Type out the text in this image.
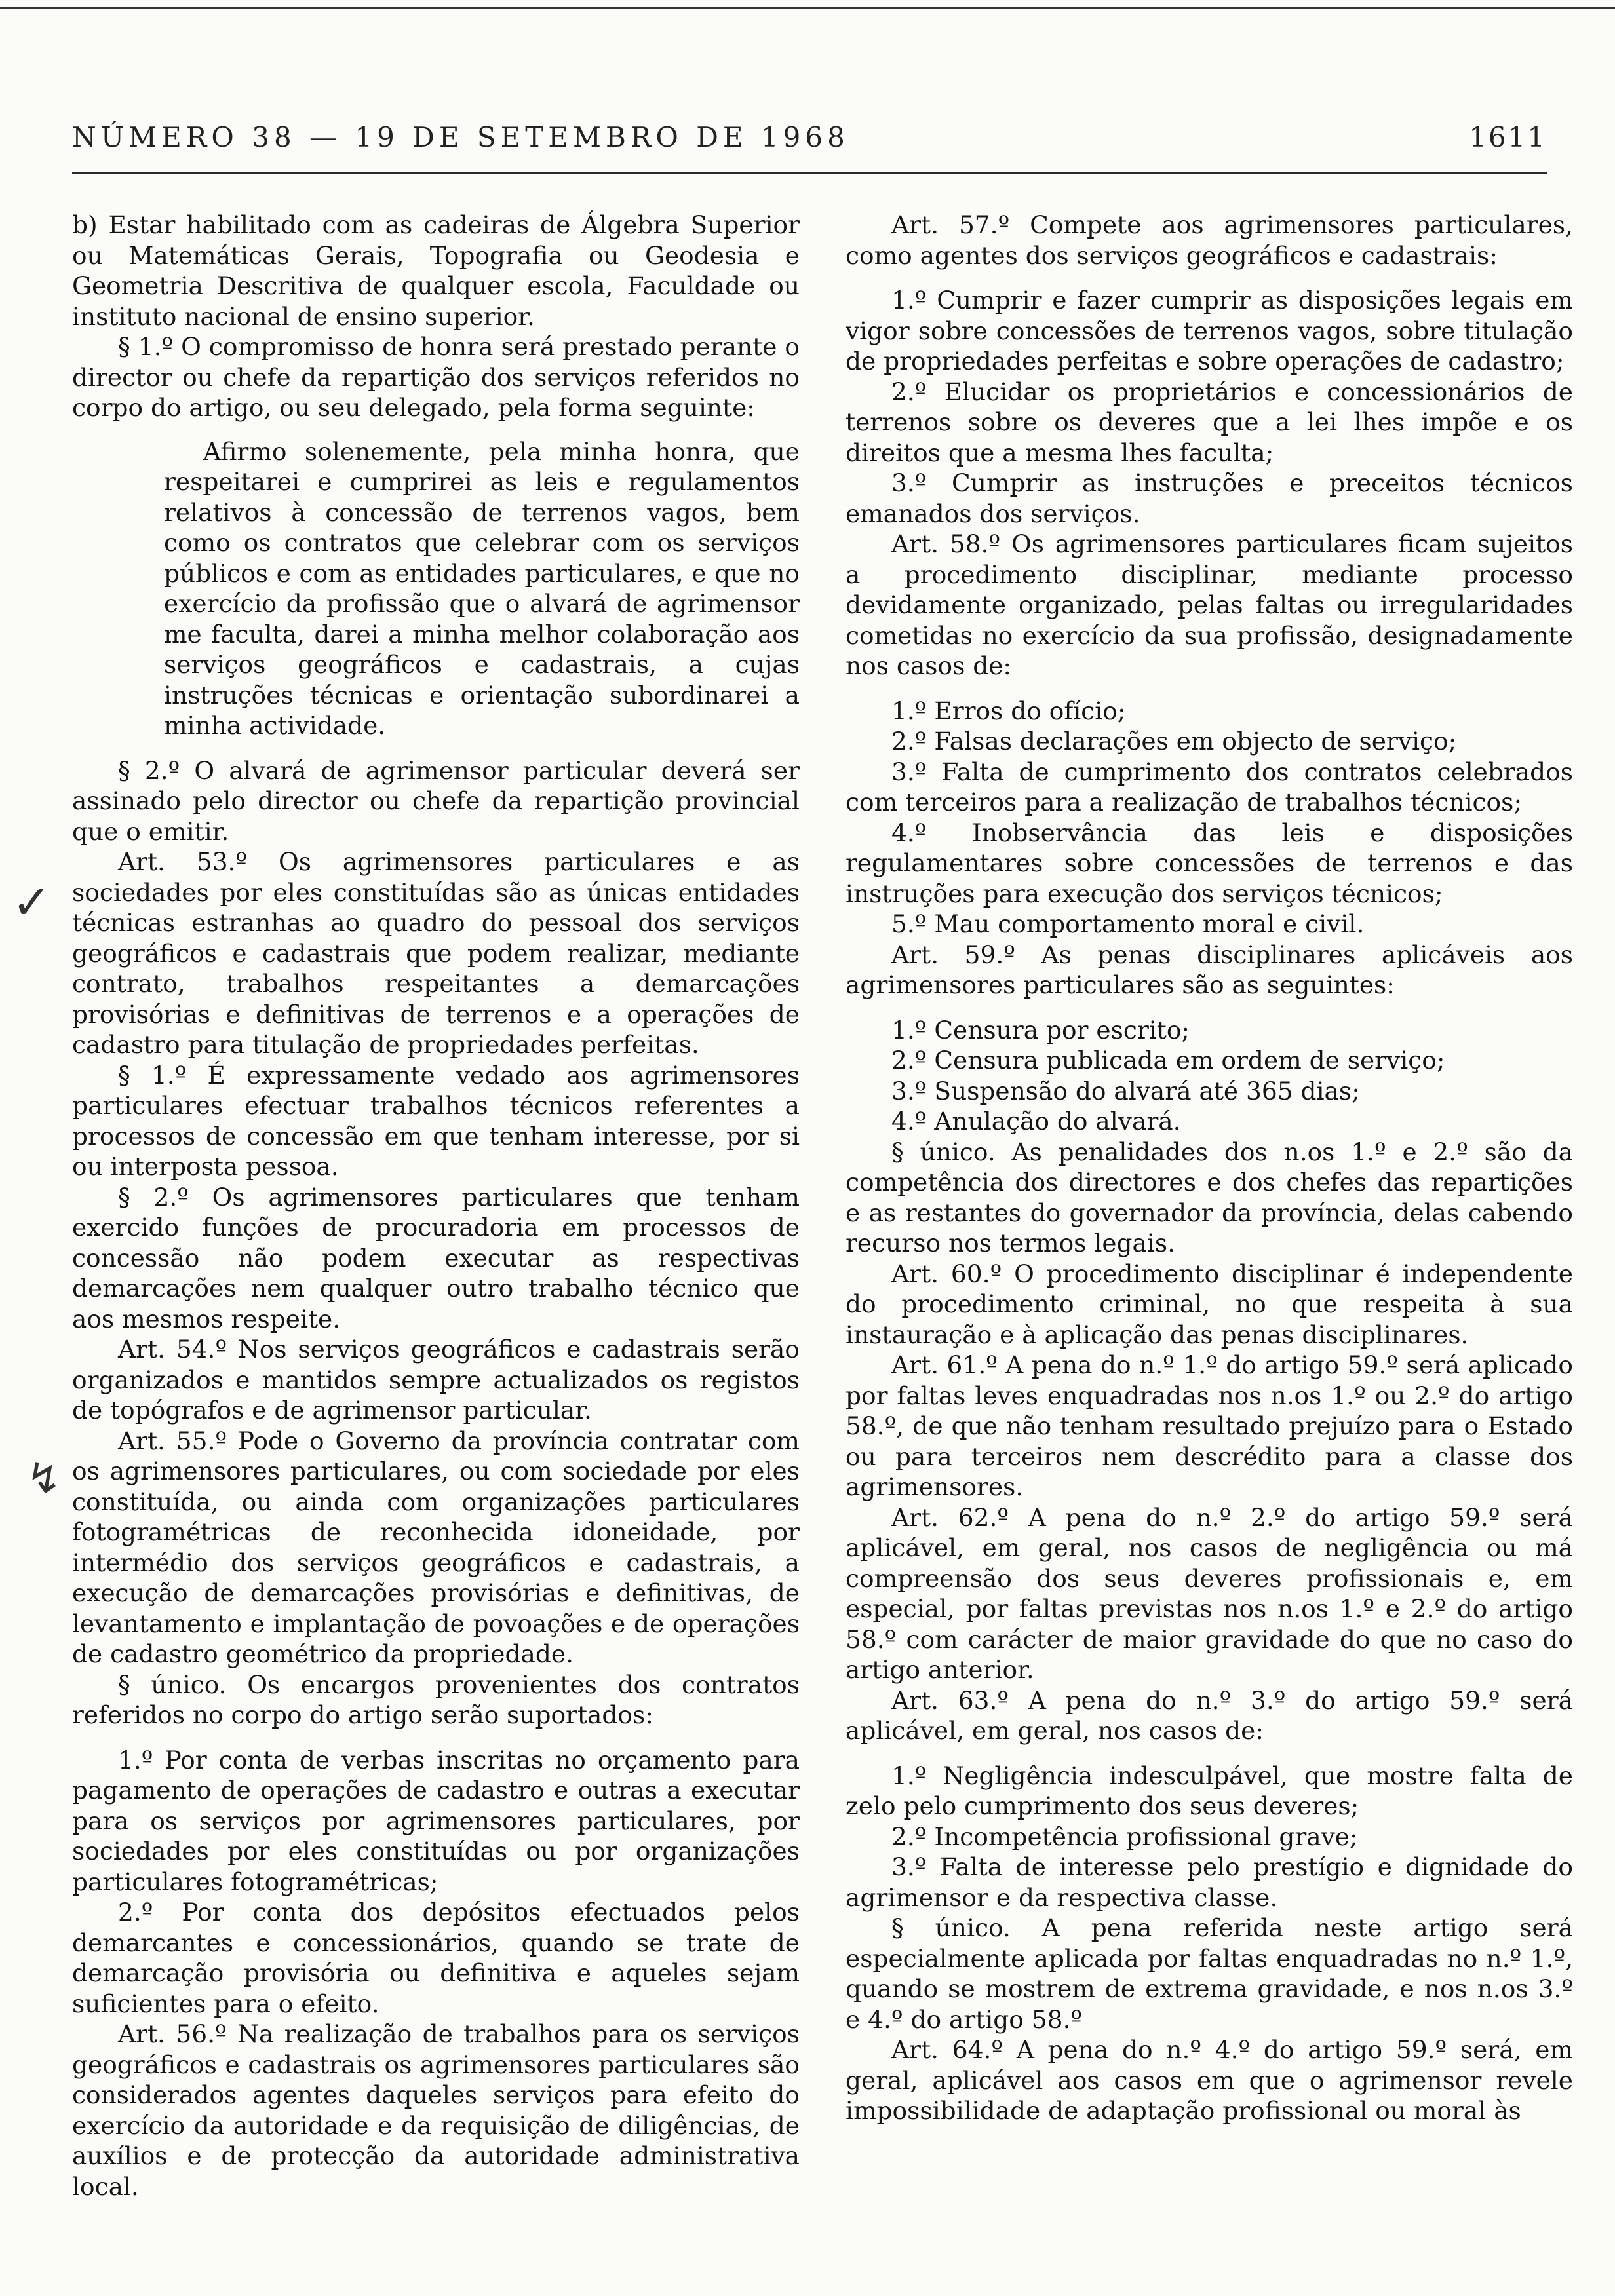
NÚMERO 38 — 19 DE SETEMBRO DE 1968	1611
✓
↯

b) Estar habilitado com as cadeiras de Álgebra Superior ou Matemáticas Gerais, Topografia ou Geodesia e Geometria Descritiva de qualquer escola, Faculdade ou instituto nacional de ensino superior.

§ 1.º O compromisso de honra será prestado perante o director ou chefe da repartição dos serviços referidos no corpo do artigo, ou seu delegado, pela forma seguinte:

Afirmo solenemente, pela minha honra, que respeitarei e cumprirei as leis e regulamentos relativos à concessão de terrenos vagos, bem como os contratos que celebrar com os serviços públicos e com as entidades particulares, e que no exercício da profissão que o alvará de agrimensor me faculta, darei a minha melhor colaboração aos serviços geográficos e cadastrais, a cujas instruções técnicas e orientação subordinarei a minha actividade.

§ 2.º O alvará de agrimensor particular deverá ser assinado pelo director ou chefe da repartição provincial que o emitir.

Art. 53.º Os agrimensores particulares e as sociedades por eles constituídas são as únicas entidades técnicas estranhas ao quadro do pessoal dos serviços geográficos e cadastrais que podem realizar, mediante contrato, trabalhos respeitantes a demarcações provisórias e definitivas de terrenos e a operações de cadastro para titulação de propriedades perfeitas.

§ 1.º É expressamente vedado aos agrimensores particulares efectuar trabalhos técnicos referentes a processos de concessão em que tenham interesse, por si ou interposta pessoa.

§ 2.º Os agrimensores particulares que tenham exercido funções de procuradoria em processos de concessão não podem executar as respectivas demarcações nem qualquer outro trabalho técnico que aos mesmos respeite.

Art. 54.º Nos serviços geográficos e cadastrais serão organizados e mantidos sempre actualizados os registos de topógrafos e de agrimensor particular.

Art. 55.º Pode o Governo da província contratar com os agrimensores particulares, ou com sociedade por eles constituída, ou ainda com organizações particulares fotogramétricas de reconhecida idoneidade, por intermédio dos serviços geográficos e cadastrais, a execução de demarcações provisórias e definitivas, de levantamento e implantação de povoações e de operações de cadastro geométrico da propriedade.

§ único. Os encargos provenientes dos contratos referidos no corpo do artigo serão suportados:

1.º Por conta de verbas inscritas no orçamento para pagamento de operações de cadastro e outras a executar para os serviços por agrimensores particulares, por sociedades por eles constituídas ou por organizações particulares fotogramétricas;

2.º Por conta dos depósitos efectuados pelos demarcantes e concessionários, quando se trate de demarcação provisória ou definitiva e aqueles sejam suficientes para o efeito.

Art. 56.º Na realização de trabalhos para os serviços geográficos e cadastrais os agrimensores particulares são considerados agentes daqueles serviços para efeito do exercício da autoridade e da requisição de diligências, de auxílios e de protecção da autoridade administrativa local.

Art. 57.º Compete aos agrimensores particulares, como agentes dos serviços geográficos e cadastrais:

1.º Cumprir e fazer cumprir as disposições legais em vigor sobre concessões de terrenos vagos, sobre titulação de propriedades perfeitas e sobre operações de cadastro;

2.º Elucidar os proprietários e concessionários de terrenos sobre os deveres que a lei lhes impõe e os direitos que a mesma lhes faculta;

3.º Cumprir as instruções e preceitos técnicos emanados dos serviços.

Art. 58.º Os agrimensores particulares ficam sujeitos a procedimento disciplinar, mediante processo devidamente organizado, pelas faltas ou irregularidades cometidas no exercício da sua profissão, designadamente nos casos de:

1.º Erros do ofício;

2.º Falsas declarações em objecto de serviço;

3.º Falta de cumprimento dos contratos celebrados com terceiros para a realização de trabalhos técnicos;

4.º Inobservância das leis e disposições regulamentares sobre concessões de terrenos e das instruções para execução dos serviços técnicos;

5.º Mau comportamento moral e civil.

Art. 59.º As penas disciplinares aplicáveis aos agrimensores particulares são as seguintes:

1.º Censura por escrito;

2.º Censura publicada em ordem de serviço;

3.º Suspensão do alvará até 365 dias;

4.º Anulação do alvará.

§ único. As penalidades dos n.os 1.º e 2.º são da competência dos directores e dos chefes das repartições e as restantes do governador da província, delas cabendo recurso nos termos legais.

Art. 60.º O procedimento disciplinar é independente do procedimento criminal, no que respeita à sua instauração e à aplicação das penas disciplinares.

Art. 61.º A pena do n.º 1.º do artigo 59.º será aplicado por faltas leves enquadradas nos n.os 1.º ou 2.º do artigo 58.º, de que não tenham resultado prejuízo para o Estado ou para terceiros nem descrédito para a classe dos agrimensores.

Art. 62.º A pena do n.º 2.º do artigo 59.º será aplicável, em geral, nos casos de negligência ou má compreensão dos seus deveres profissionais e, em especial, por faltas previstas nos n.os 1.º e 2.º do artigo 58.º com carácter de maior gravidade do que no caso do artigo anterior.

Art. 63.º A pena do n.º 3.º do artigo 59.º será aplicável, em geral, nos casos de:

1.º Negligência indesculpável, que mostre falta de zelo pelo cumprimento dos seus deveres;

2.º Incompetência profissional grave;

3.º Falta de interesse pelo prestígio e dignidade do agrimensor e da respectiva classe.

§ único. A pena referida neste artigo será especialmente aplicada por faltas enquadradas no n.º 1.º, quando se mostrem de extrema gravidade, e nos n.os 3.º e 4.º do artigo 58.º

Art. 64.º A pena do n.º 4.º do artigo 59.º será, em geral, aplicável aos casos em que o agrimensor revele impossibilidade de adaptação profissional ou moral às
